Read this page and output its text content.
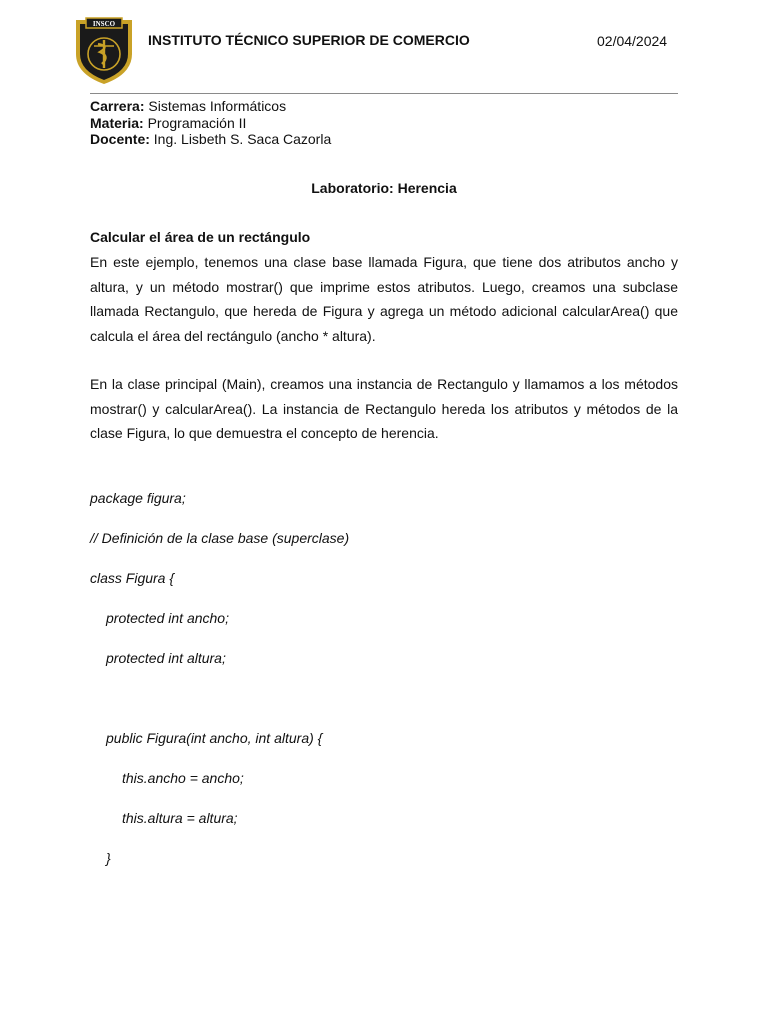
INSCO
INSTITUTO TÉCNICO SUPERIOR DE COMERCIO	02/04/2024
Carrera: Sistemas Informáticos
Materia: Programación II
Docente: Ing. Lisbeth S. Saca Cazorla
Laboratorio: Herencia
Calcular el área de un rectángulo

En este ejemplo, tenemos una clase base llamada Figura, que tiene dos atributos ancho y altura, y un método mostrar() que imprime estos atributos. Luego, creamos una subclase llamada Rectangulo, que hereda de Figura y agrega un método adicional calcularArea() que calcula el área del rectángulo (ancho * altura).

En la clase principal (Main), creamos una instancia de Rectangulo y llamamos a los métodos mostrar() y calcularArea(). La instancia de Rectangulo hereda los atributos y métodos de la clase Figura, lo que demuestra el concepto de herencia.

package figura;
// Definición de la clase base (superclase)
class Figura {
protected int ancho;
protected int altura;
public Figura(int ancho, int altura) {
this.ancho = ancho;
this.altura = altura;
}
